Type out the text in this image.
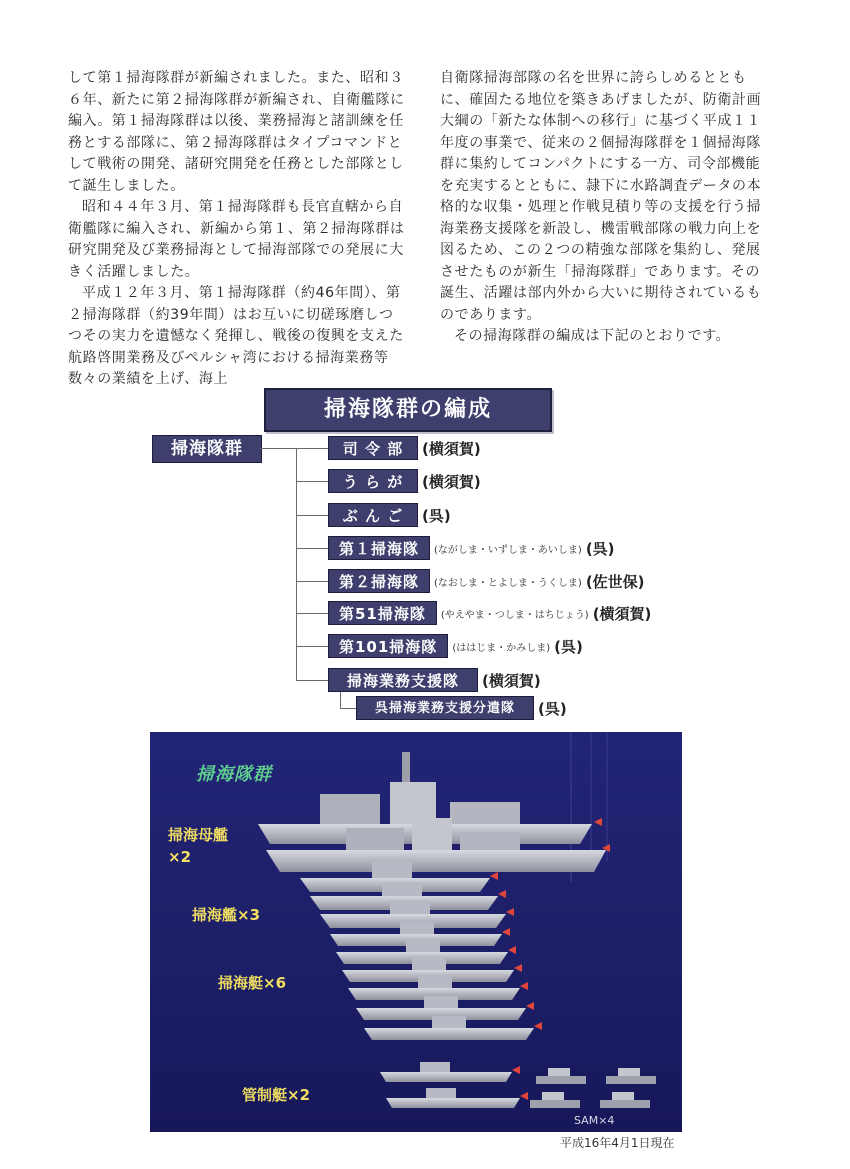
して第１掃海隊群が新編されました。また、昭和３６年、新たに第２掃海隊群が新編され、自衛艦隊に編入。第１掃海隊群は以後、業務掃海と諸訓練を任務とする部隊に、第２掃海隊群はタイプコマンドとして戦術の開発、諸研究開発を任務とした部隊として誕生しました。

昭和４４年３月、第１掃海隊群も長官直轄から自衛艦隊に編入され、新編から第１、第２掃海隊群は研究開発及び業務掃海として掃海部隊での発展に大きく活躍しました。

平成１２年３月、第１掃海隊群（約46年間）、第２掃海隊群（約39年間）はお互いに切磋琢磨しつつその実力を遺憾なく発揮し、戦後の復興を支えた航路啓開業務及びペルシャ湾における掃海業務等数々の業績を上げ、海上

自衛隊掃海部隊の名を世界に誇らしめるとともに、確固たる地位を築きあげましたが、防衛計画大綱の「新たな体制への移行」に基づく平成１１年度の事業で、従来の２個掃海隊群を１個掃海隊群に集約してコンパクトにする一方、司令部機能を充実するとともに、隷下に水路調査データの本格的な収集・処理と作戦見積り等の支援を行う掃海業務支援隊を新設し、機雷戦部隊の戦力向上を図るため、この２つの精強な部隊を集約し、発展させたものが新生「掃海隊群」であります。その誕生、活躍は部内外から大いに期待されているものであります。

その掃海隊群の編成は下記のとおりです。

掃海隊群の編成
掃海隊群	司 令 部	(横須賀)
う ら が	(横須賀)
ぶ ん ご	(呉)
第１掃海隊	(ながしま・いずしま・あいしま) (呉)
第２掃海隊	(なおしま・とよしま・うくしま) (佐世保)
第51掃海隊	(やえやま・つしま・はちじょう) (横須賀)
第101掃海隊	(ははじま・かみしま) (呉)
掃海業務支援隊	(横須賀)
呉掃海業務支援分遣隊	(呉)
掃海隊群
掃海母艦
×2
掃海艦×3
掃海艇×6
管制艇×2
SAM×4
平成16年4月1日現在
